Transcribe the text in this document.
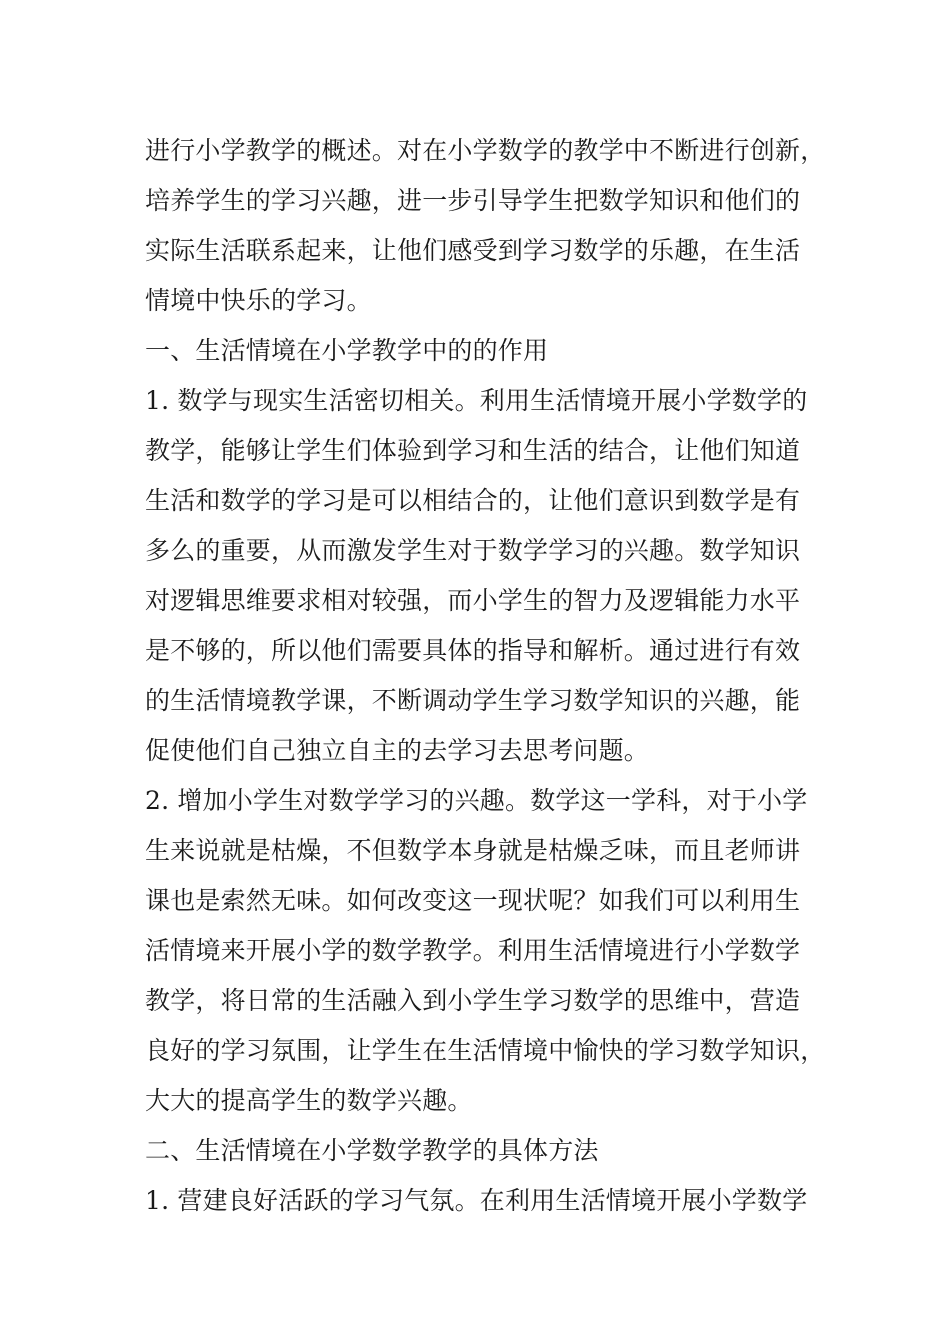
进行小学教学的概述。对在小学数学的教学中不断进行创新，
培养学生的学习兴趣，进一步引导学生把数学知识和他们的
实际生活联系起来，让他们感受到学习数学的乐趣，在生活
情境中快乐的学习。
一、生活情境在小学教学中的的作用
1. 数学与现实生活密切相关。利用生活情境开展小学数学的
教学，能够让学生们体验到学习和生活的结合，让他们知道
生活和数学的学习是可以相结合的，让他们意识到数学是有
多么的重要，从而激发学生对于数学学习的兴趣。数学知识
对逻辑思维要求相对较强，而小学生的智力及逻辑能力水平
是不够的，所以他们需要具体的指导和解析。通过进行有效
的生活情境教学课，不断调动学生学习数学知识的兴趣，能
促使他们自己独立自主的去学习去思考问题。
2. 增加小学生对数学学习的兴趣。数学这一学科，对于小学
生来说就是枯燥，不但数学本身就是枯燥乏味，而且老师讲
课也是索然无味。如何改变这一现状呢？如我们可以利用生
活情境来开展小学的数学教学。利用生活情境进行小学数学
教学，将日常的生活融入到小学生学习数学的思维中，营造
良好的学习氛围，让学生在生活情境中愉快的学习数学知识，
大大的提高学生的数学兴趣。
二、生活情境在小学数学教学的具体方法
1. 营建良好活跃的学习气氛。在利用生活情境开展小学数学
